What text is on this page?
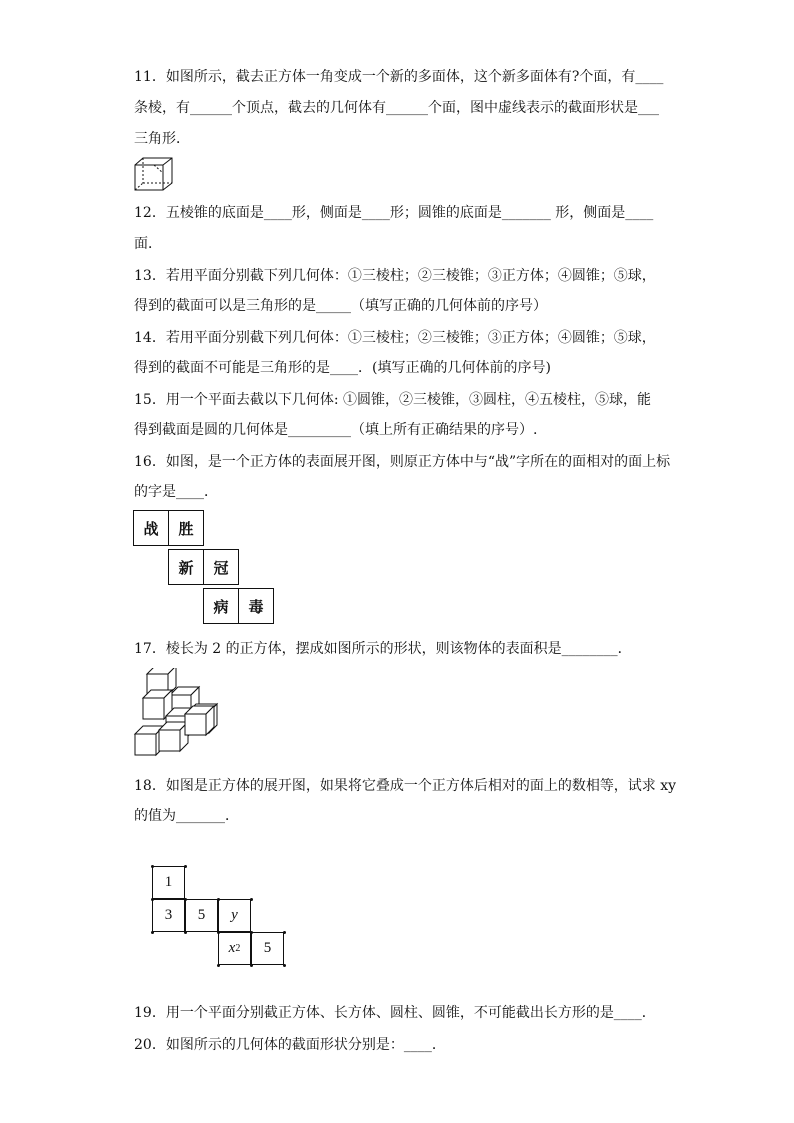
11．如图所示，截去正方体一角变成一个新的多面体，这个新多面体有?个面，有____
条棱，有______个顶点，截去的几何体有______个面，图中虚线表示的截面形状是___
三角形．
12．五棱锥的底面是____形，侧面是____形；圆锥的底面是_______ 形，侧面是____
面．
13．若用平面分别截下列几何体：①三棱柱；②三棱锥；③正方体；④圆锥；⑤球，
得到的截面可以是三角形的是_____（填写正确的几何体前的序号）
14．若用平面分别截下列几何体：①三棱柱；②三棱锥；③正方体；④圆锥；⑤球，
得到的截面不可能是三角形的是____．(填写正确的几何体前的序号)
15．用一个平面去截以下几何体: ①圆锥，②三棱锥，③圆柱，④五棱柱，⑤球，能
得到截面是圆的几何体是_________（填上所有正确结果的序号）.
16．如图，是一个正方体的表面展开图，则原正方体中与“战”字所在的面相对的面上标
的字是____．
战	胜
新	冠
病	毒
17．棱长为 2 的正方体，摆成如图所示的形状，则该物体的表面积是________．
18．如图是正方体的展开图，如果将它叠成一个正方体后相对的面上的数相等，试求 xy
的值为_______．
1
3	5	y
x 2	5
19．用一个平面分别截正方体、长方体、圆柱、圆锥，不可能截出长方形的是____．
20．如图所示的几何体的截面形状分别是：____．
